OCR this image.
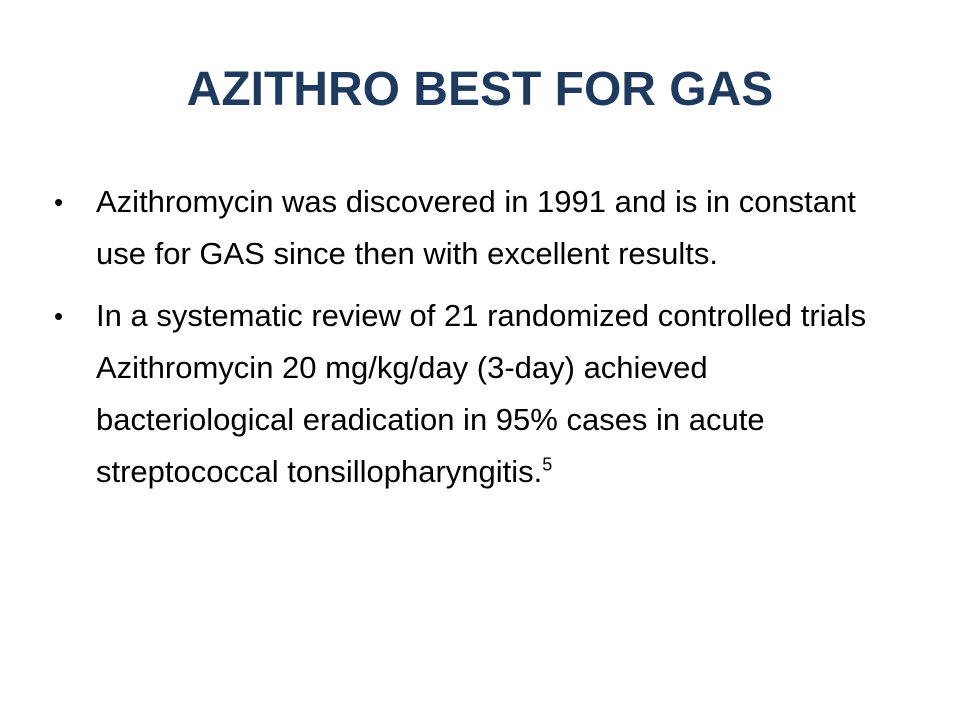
AZITHRO BEST FOR GAS
•	Azithromycin was discovered in 1991 and is in constant use for GAS since then with excellent results.
•	In a systematic review of 21 randomized controlled trials Azithromycin 20 mg/kg/day (3-day) achieved bacteriological eradication in 95% cases in acute streptococcal tonsillopharyngitis.$^5$
